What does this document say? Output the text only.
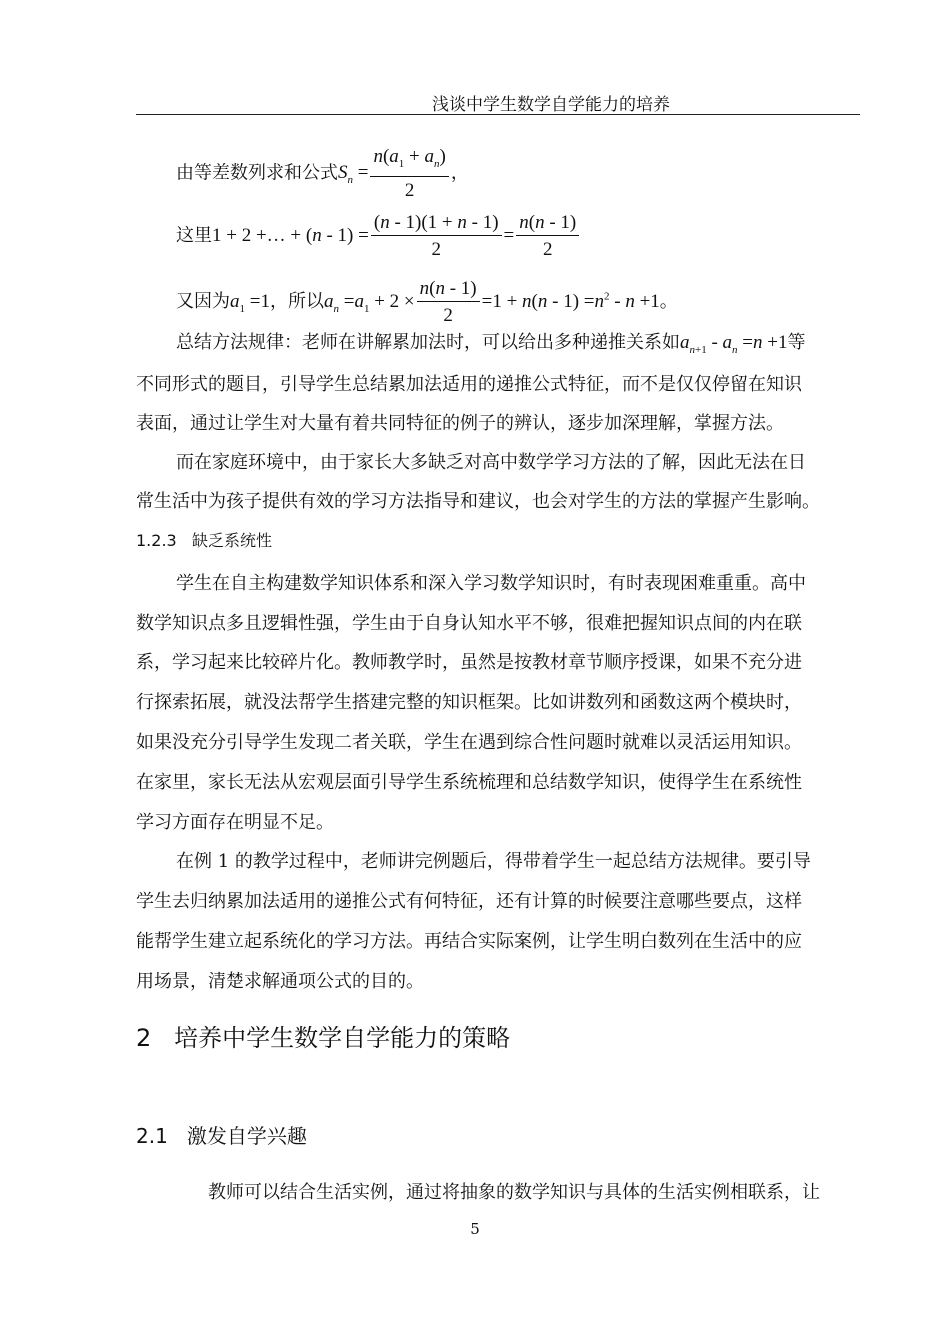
浅谈中学生数学自学能力的培养
由等差数列求和公式$S_n = \frac{n(a_1 + a_n)}{2}$ ，
这里1 + 2 +… + $(n - 1) = \frac{(n - 1)(1 + n - 1)}{2} = \frac{n(n - 1)}{2}$
又因为$a_1 =1$，所以$a_n =a_1 + 2 \times \frac{n(n - 1)}{2} =1 + n(n - 1) =n^2 - n +1$。
总结方法规律：老师在讲解累加法时，可以给出多种递推关系如$a_{n+1} - a_n =n +1$等
不同形式的题目，引导学生总结累加法适用的递推公式特征，而不是仅仅停留在知识
表面，通过让学生对大量有着共同特征的例子的辨认，逐步加深理解，掌握方法。
而在家庭环境中，由于家长大多缺乏对高中数学学习方法的了解，因此无法在日
常生活中为孩子提供有效的学习方法指导和建议，也会对学生的方法的掌握产生影响。
1.2.3 缺乏系统性
学生在自主构建数学知识体系和深入学习数学知识时，有时表现困难重重。高中
数学知识点多且逻辑性强，学生由于自身认知水平不够，很难把握知识点间的内在联
系，学习起来比较碎片化。教师教学时，虽然是按教材章节顺序授课，如果不充分进
行探索拓展，就没法帮学生搭建完整的知识框架。比如讲数列和函数这两个模块时，
如果没充分引导学生发现二者关联，学生在遇到综合性问题时就难以灵活运用知识。
在家里，家长无法从宏观层面引导学生系统梳理和总结数学知识，使得学生在系统性
学习方面存在明显不足。
在例 1 的教学过程中，老师讲完例题后，得带着学生一起总结方法规律。要引导
学生去归纳累加法适用的递推公式有何特征，还有计算的时候要注意哪些要点，这样
能帮学生建立起系统化的学习方法。再结合实际案例，让学生明白数列在生活中的应
用场景，清楚求解通项公式的目的。
2 培养中学生数学自学能力的策略
2.1 激发自学兴趣
教师可以结合生活实例，通过将抽象的数学知识与具体的生活实例相联系，让
5
